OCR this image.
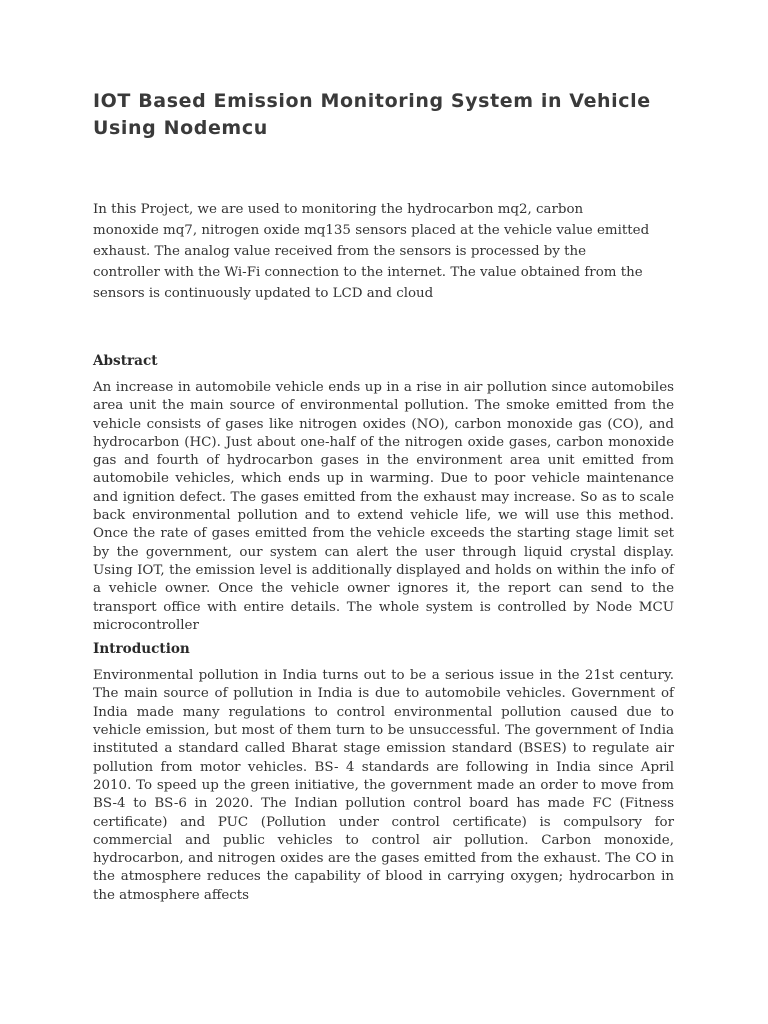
IOT Based Emission Monitoring System in Vehicle Using Nodemcu

In this Project, we are used to monitoring the hydrocarbon mq2, carbon monoxide mq7, nitrogen oxide mq135 sensors placed at the vehicle value emitted exhaust. The analog value received from the sensors is processed by the controller with the Wi-Fi connection to the internet. The value obtained from the sensors is continuously updated to LCD and cloud

Abstract

An increase in automobile vehicle ends up in a rise in air pollution since automobiles area unit the main source of environmental pollution. The smoke emitted from the vehicle consists of gases like nitrogen oxides (NO), carbon monoxide gas (CO), and hydrocarbon (HC). Just about one-half of the nitrogen oxide gases, carbon monoxide gas and fourth of hydrocarbon gases in the environment area unit emitted from automobile vehicles, which ends up in warming. Due to poor vehicle maintenance and ignition defect. The gases emitted from the exhaust may increase. So as to scale back environmental pollution and to extend vehicle life, we will use this method. Once the rate of gases emitted from the vehicle exceeds the starting stage limit set by the government, our system can alert the user through liquid crystal display. Using IOT, the emission level is additionally displayed and holds on within the info of a vehicle owner. Once the vehicle owner ignores it, the report can send to the transport office with entire details. The whole system is controlled by Node MCU microcontroller

Introduction

Environmental pollution in India turns out to be a serious issue in the 21st century. The main source of pollution in India is due to automobile vehicles. Government of India made many regulations to control environmental pollution caused due to vehicle emission, but most of them turn to be unsuccessful. The government of India instituted a standard called Bharat stage emission standard (BSES) to regulate air pollution from motor vehicles. BS- 4 standards are following in India since April 2010. To speed up the green initiative, the government made an order to move from BS-4 to BS-6 in 2020. The Indian pollution control board has made FC (Fitness certificate) and PUC (Pollution under control certificate) is compulsory for commercial and public vehicles to control air pollution. Carbon monoxide, hydrocarbon, and nitrogen oxides are the gases emitted from the exhaust. The CO in the atmosphere reduces the capability of blood in carrying oxygen; hydrocarbon in the atmosphere affects
